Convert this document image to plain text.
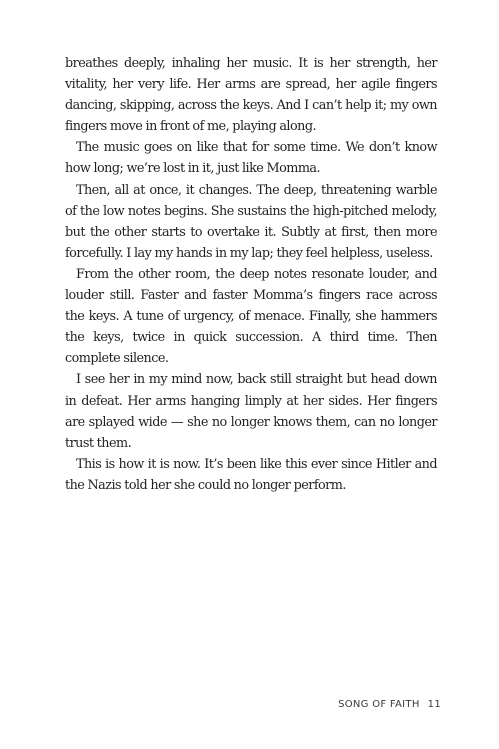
breathes deeply, inhaling her music. It is her strength, her vitality, her very life. Her arms are spread, her agile fingers dancing, skipping, across the keys. And I can’t help it; my own fingers move in front of me, playing along.

The music goes on like that for some time. We don’t know how long; we’re lost in it, just like Momma.

Then, all at once, it changes. The deep, threatening warble of the low notes begins. She sustains the high-pitched melody, but the other starts to overtake it. Subtly at first, then more forcefully. I lay my hands in my lap; they feel helpless, useless.

From the other room, the deep notes resonate louder, and louder still. Faster and faster Momma’s fingers race across the keys. A tune of urgency, of menace. Finally, she hammers the keys, twice in quick succession. A third time. Then complete silence.

I see her in my mind now, back still straight but head down in defeat. Her arms hanging limply at her sides. Her fingers are splayed wide — she no longer knows them, can no longer trust them.

This is how it is now. It’s been like this ever since Hitler and the Nazis told her she could no longer perform.

SONG OF FAITH 11
